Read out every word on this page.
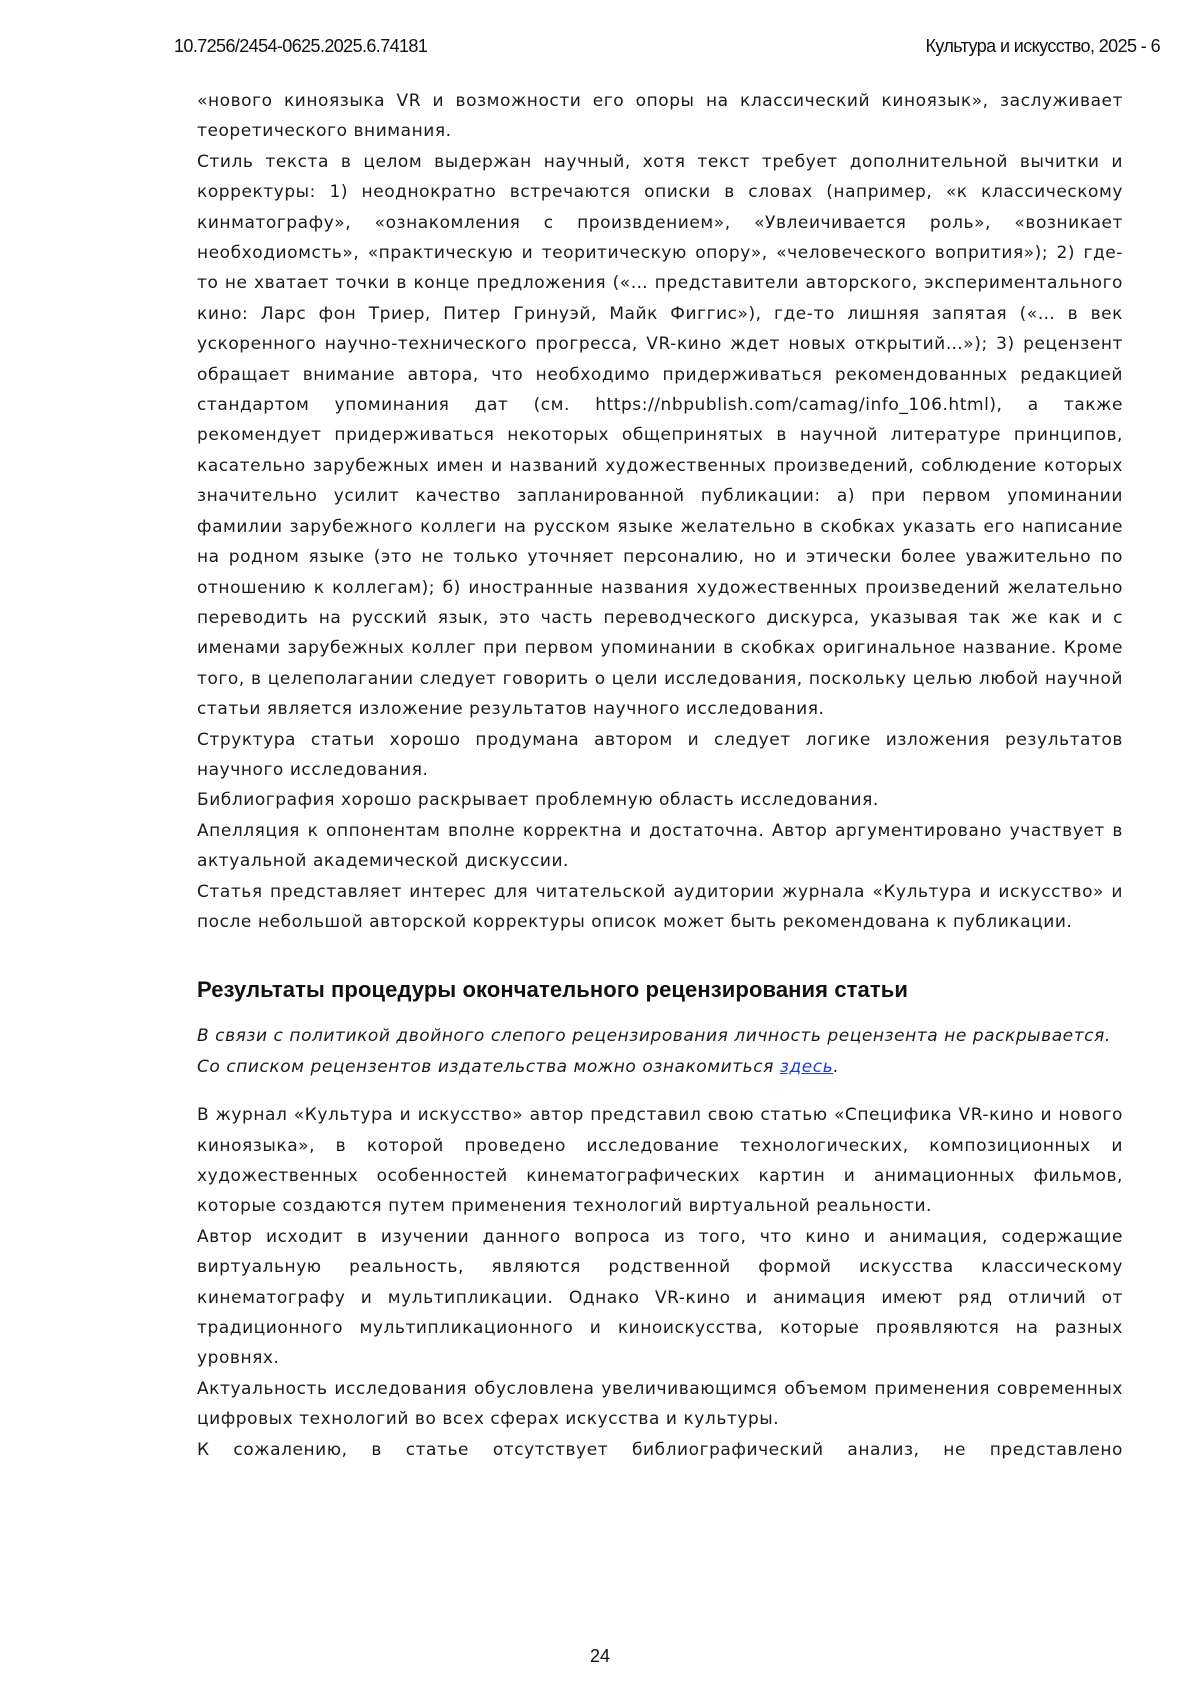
10.7256/2454-0625.2025.6.74181	Культура и искусство, 2025 - 6

«нового киноязыка VR и возможности его опоры на классический киноязык», заслуживает теоретического внимания.

Стиль текста в целом выдержан научный, хотя текст требует дополнительной вычитки и корректуры: 1) неоднократно встречаются описки в словах (например, «к классическому кинматографу», «ознакомления с произвдением», «Увлеичивается роль», «возникает необходиомсть», «практическую и теоритическую опору», «человеческого вопрития»); 2) где-то не хватает точки в конце предложения («… представители авторского, экспериментального кино: Ларс фон Триер, Питер Гринуэй, Майк Фиггис»), где-то лишняя запятая («… в век ускоренного научно-технического прогресса, VR-кино ждет новых открытий…»); 3) рецензент обращает внимание автора, что необходимо придерживаться рекомендованных редакцией стандартом упоминания дат (см. https://nbpublish.com/camag/info_106.html), а также рекомендует придерживаться некоторых общепринятых в научной литературе принципов, касательно зарубежных имен и названий художественных произведений, соблюдение которых значительно усилит качество запланированной публикации: а) при первом упоминании фамилии зарубежного коллеги на русском языке желательно в скобках указать его написание на родном языке (это не только уточняет персоналию, но и этически более уважительно по отношению к коллегам); б) иностранные названия художественных произведений желательно переводить на русский язык, это часть переводческого дискурса, указывая так же как и с именами зарубежных коллег при первом упоминании в скобках оригинальное название. Кроме того, в целеполагании следует говорить о цели исследования, поскольку целью любой научной статьи является изложение результатов научного исследования.

Структура статьи хорошо продумана автором и следует логике изложения результатов научного исследования.

Библиография хорошо раскрывает проблемную область исследования.

Апелляция к оппонентам вполне корректна и достаточна. Автор аргументировано участвует в актуальной академической дискуссии.

Статья представляет интерес для читательской аудитории журнала «Культура и искусство» и после небольшой авторской корректуры описок может быть рекомендована к публикации.

Результаты процедуры окончательного рецензирования статьи

В связи с политикой двойного слепого рецензирования личность рецензента не раскрывается.

Со списком рецензентов издательства можно ознакомиться здесь.

В журнал «Культура и искусство» автор представил свою статью «Специфика VR-кино и нового киноязыка», в которой проведено исследование технологических, композиционных и художественных особенностей кинематографических картин и анимационных фильмов, которые создаются путем применения технологий виртуальной реальности.

Автор исходит в изучении данного вопроса из того, что кино и анимация, содержащие виртуальную реальность, являются родственной формой искусства классическому кинематографу и мультипликации. Однако VR-кино и анимация имеют ряд отличий от традиционного мультипликационного и киноискусства, которые проявляются на разных уровнях.

Актуальность исследования обусловлена увеличивающимся объемом применения современных цифровых технологий во всех сферах искусства и культуры.

К сожалению, в статье отсутствует библиографический анализ, не представлено

24
